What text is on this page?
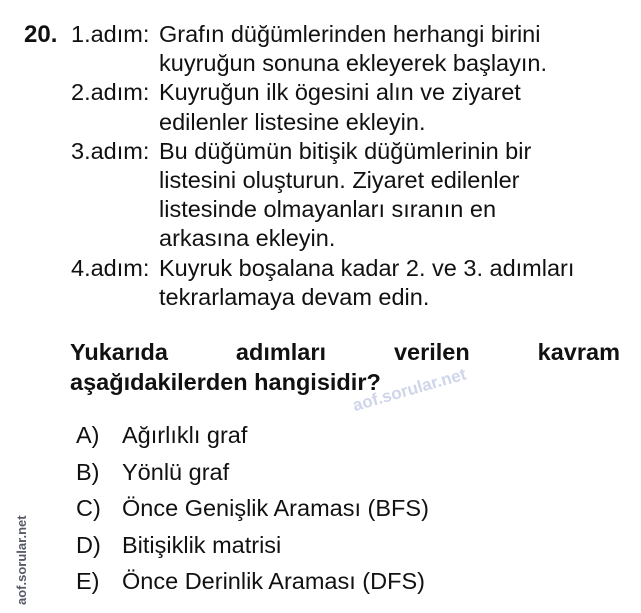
20. 1.adım: Grafın düğümlerinden herhangi birini
kuyruğun sonuna ekleyerek başlayın.
2.adım: Kuyruğun ilk ögesini alın ve ziyaret
edilenler listesine ekleyin.
3.adım: Bu düğümün bitişik düğümlerinin bir
listesini oluşturun. Ziyaret edilenler
listesinde olmayanları sıranın en
arkasına ekleyin.
4.adım: Kuyruk boşalana kadar 2. ve 3. adımları
tekrarlamaya devam edin.
Yukarıda	adımları	verilen	kavram
aşağıdakilerden hangisidir?
aof.sorular.net
A) Ağırlıklı graf
B) Yönlü graf
C) Önce Genişlik Araması (BFS)
D) Bitişiklik matrisi
E) Önce Derinlik Araması (DFS)
aof.sorular.net
